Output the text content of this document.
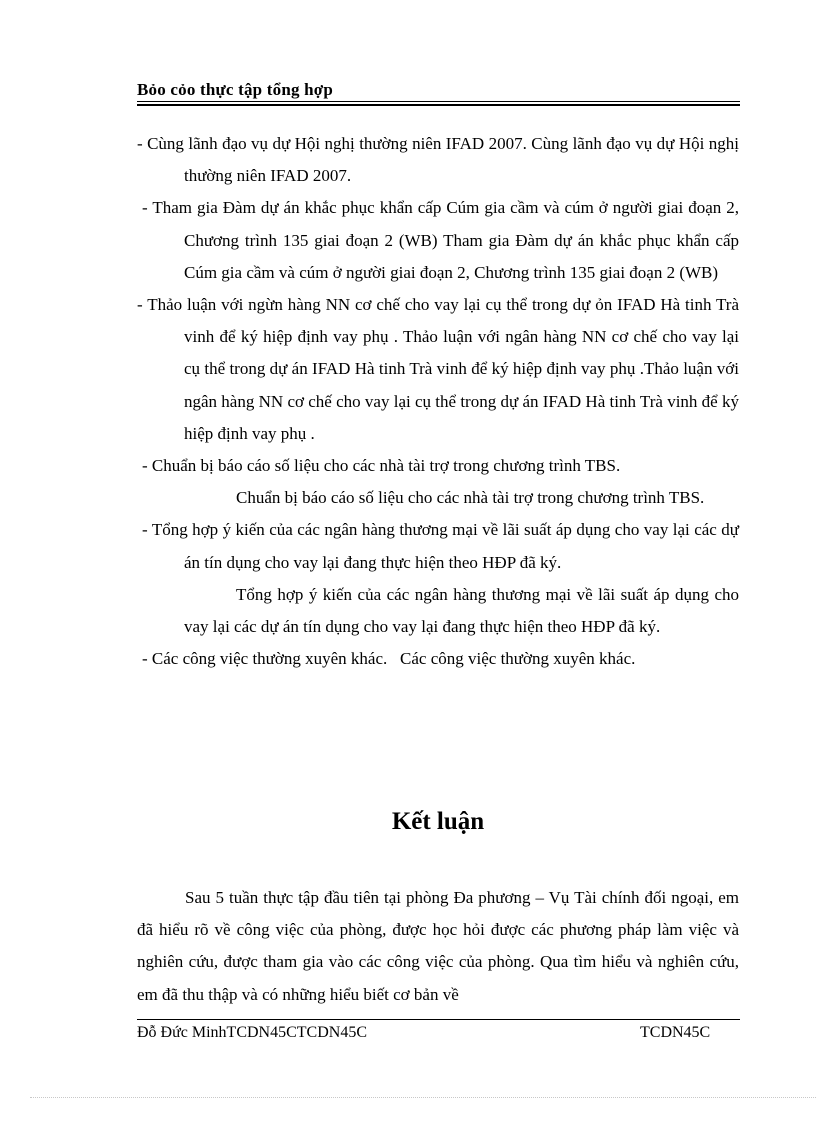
Bỏo cỏo thực tập tổng hợp

- Cùng lãnh đạo vụ dự Hội nghị thường niên IFAD 2007. Cùng lãnh đạo vụ dự Hội nghị thường niên IFAD 2007.

- Tham gia Đàm dự án khắc phục khẩn cấp Cúm gia cầm và cúm ở người giai đoạn 2, Chương trình 135 giai đoạn 2 (WB) Tham gia Đàm dự án khắc phục khẩn cấp Cúm gia cầm và cúm ở người giai đoạn 2, Chương trình 135 giai đoạn 2 (WB)

- Thảo luận với ngừn hàng NN cơ chế cho vay lại cụ thể trong dự ỏn IFAD Hà tinh Trà vinh để ký hiệp định vay phụ . Thảo luận với ngân hàng NN cơ chế cho vay lại cụ thể trong dự án IFAD Hà tinh Trà vinh để ký hiệp định vay phụ .Thảo luận với ngân hàng NN cơ chế cho vay lại cụ thể trong dự án IFAD Hà tinh Trà vinh để ký hiệp định vay phụ .

- Chuẩn bị báo cáo số liệu cho các nhà tài trợ trong chương trình TBS.
Chuẩn bị báo cáo số liệu cho các nhà tài trợ trong chương trình TBS.

- Tổng hợp ý kiến của các ngân hàng thương mại về lãi suất áp dụng cho vay lại các dự án tín dụng cho vay lại đang thực hiện theo HĐP đã ký.
Tổng hợp ý kiến của các ngân hàng thương mại về lãi suất áp dụng cho vay lại các dự án tín dụng cho vay lại đang thực hiện theo HĐP đã ký.

- Các công việc thường xuyên khác.   Các công việc thường xuyên khác.

Kết luận

Sau 5 tuần thực tập đầu tiên tại phòng Đa phương – Vụ Tài chính đối ngoại, em đã hiểu rõ về công việc của phòng, được học hỏi được các phương pháp làm việc và nghiên cứu, được tham gia vào các công việc của phòng. Qua tìm hiểu và nghiên cứu, em đã thu thập và có những hiểu biết cơ bản về

Đỗ Đức MinhTCDN45CTCDN45C	TCDN45C
